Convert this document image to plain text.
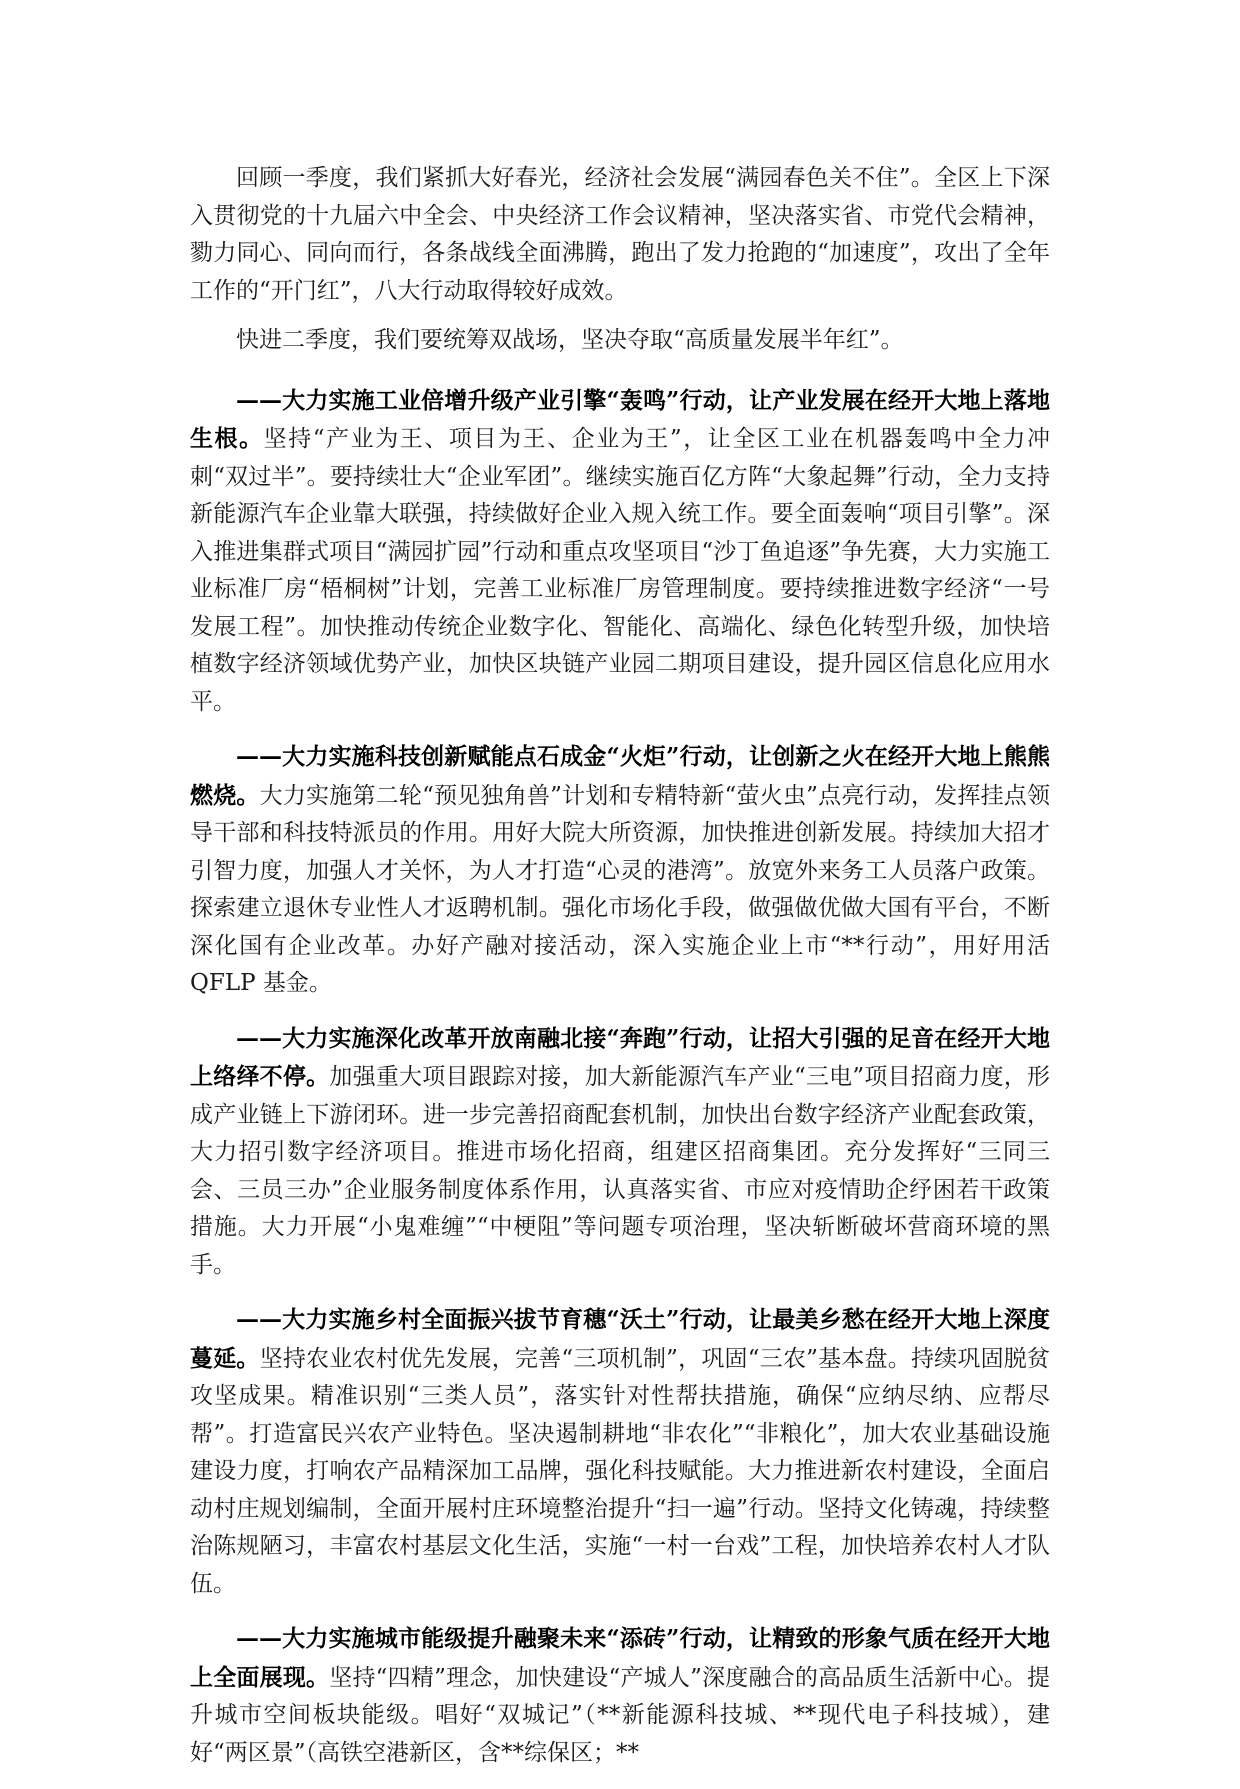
回顾一季度，我们紧抓大好春光，经济社会发展“满园春色关不住”。全区上下深入贯彻党的十九届六中全会、中央经济工作会议精神，坚决落实省、市党代会精神，勠力同心、同向而行，各条战线全面沸腾，跑出了发力抢跑的“加速度”，攻出了全年工作的“开门红”，八大行动取得较好成效。

快进二季度，我们要统筹双战场，坚决夺取“高质量发展半年红”。

——大力实施工业倍增升级产业引擎“轰鸣”行动，让产业发展在经开大地上落地生根。坚持“产业为王、项目为王、企业为王”，让全区工业在机器轰鸣中全力冲刺“双过半”。要持续壮大“企业军团”。继续实施百亿方阵“大象起舞”行动，全力支持新能源汽车企业靠大联强，持续做好企业入规入统工作。要全面轰响“项目引擎”。深入推进集群式项目“满园扩园”行动和重点攻坚项目“沙丁鱼追逐”争先赛，大力实施工业标准厂房“梧桐树”计划，完善工业标准厂房管理制度。要持续推进数字经济“一号发展工程”。加快推动传统企业数字化、智能化、高端化、绿色化转型升级，加快培植数字经济领域优势产业，加快区块链产业园二期项目建设，提升园区信息化应用水平。

——大力实施科技创新赋能点石成金“火炬”行动，让创新之火在经开大地上熊熊燃烧。大力实施第二轮“预见独角兽”计划和专精特新“萤火虫”点亮行动，发挥挂点领导干部和科技特派员的作用。用好大院大所资源，加快推进创新发展。持续加大招才引智力度，加强人才关怀，为人才打造“心灵的港湾”。放宽外来务工人员落户政策。探索建立退休专业性人才返聘机制。强化市场化手段，做强做优做大国有平台，不断深化国有企业改革。办好产融对接活动，深入实施企业上市“**行动”，用好用活 QFLP 基金。

——大力实施深化改革开放南融北接“奔跑”行动，让招大引强的足音在经开大地上络绎不停。加强重大项目跟踪对接，加大新能源汽车产业“三电”项目招商力度，形成产业链上下游闭环。进一步完善招商配套机制，加快出台数字经济产业配套政策，大力招引数字经济项目。推进市场化招商，组建区招商集团。充分发挥好“三同三会、三员三办”企业服务制度体系作用，认真落实省、市应对疫情助企纾困若干政策措施。大力开展“小鬼难缠”“中梗阻”等问题专项治理，坚决斩断破坏营商环境的黑手。

——大力实施乡村全面振兴拔节育穗“沃土”行动，让最美乡愁在经开大地上深度蔓延。坚持农业农村优先发展，完善“三项机制”，巩固“三农”基本盘。持续巩固脱贫攻坚成果。精准识别“三类人员”，落实针对性帮扶措施，确保“应纳尽纳、应帮尽帮”。打造富民兴农产业特色。坚决遏制耕地“非农化”“非粮化”，加大农业基础设施建设力度，打响农产品精深加工品牌，强化科技赋能。大力推进新农村建设，全面启动村庄规划编制，全面开展村庄环境整治提升“扫一遍”行动。坚持文化铸魂，持续整治陈规陋习，丰富农村基层文化生活，实施“一村一台戏”工程，加快培养农村人才队伍。

——大力实施城市能级提升融聚未来“添砖”行动，让精致的形象气质在经开大地上全面展现。坚持“四精”理念，加快建设“产城人”深度融合的高品质生活新中心。提升城市空间板块能级。唱好“双城记”（**新能源科技城、**现代电子科技城），建好“两区景”（高铁空港新区，含**综保区；**
